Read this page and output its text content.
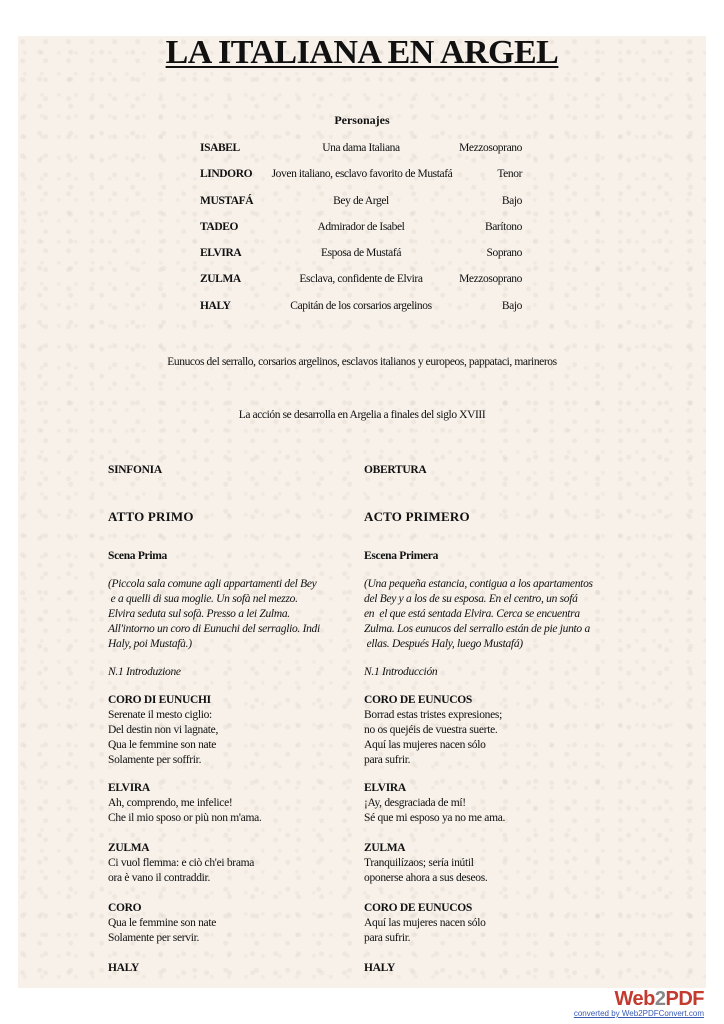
LA ITALIANA EN ARGEL
Personajes
ISABEL	Una dama Italiana	Mezzosoprano
LINDORO	Joven italiano, esclavo favorito de Mustafá	Tenor
MUSTAFÁ	Bey de Argel	Bajo
TADEO	Admirador de Isabel	Barítono
ELVIRA	Esposa de Mustafá	Soprano
ZULMA	Esclava, confidente de Elvira	Mezzosoprano
HALY	Capitán de los corsarios argelinos	Bajo
Eunucos del serrallo, corsarios argelinos, esclavos italianos y europeos, pappataci, marineros
La acción se desarrolla en Argelia a finales del siglo XVIII
SINFONIA
ATTO PRIMO
Scena Prima
(Piccola sala comune agli appartamenti del Bey
e a quelli di sua moglie. Un sofà nel mezzo.
Elvira seduta sul sofà. Presso a lei Zulma.
All'intorno un coro di Eunuchi del serraglio. Indi
Haly, poi Mustafà.)
N.1 Introduzione
CORO DI EUNUCHI
Serenate il mesto ciglio:
Del destin non vi lagnate,
Qua le femmine son nate
Solamente per soffrir.
ELVIRA
Ah, comprendo, me infelice!
Che il mio sposo or più non m'ama.
ZULMA
Ci vuol flemma: e ciò ch'ei brama
ora è vano il contraddir.
CORO
Qua le femmine son nate
Solamente per servir.
HALY
OBERTURA
ACTO PRIMERO
Escena Primera
(Una pequeña estancia, contigua a los apartamentos
del Bey y a los de su esposa. En el centro, un sofá
en  el que está sentada Elvira. Cerca se encuentra
Zulma. Los eunucos del serrallo están de pie junto a
ellas. Después Haly, luego Mustafá)
N.1 Introducción
CORO DE EUNUCOS
Borrad estas tristes expresiones;
no os quejéis de vuestra suerte.
Aquí las mujeres nacen sólo
para sufrir.
ELVIRA
¡Ay, desgraciada de mí!
Sé que mi esposo ya no me ama.
ZULMA
Tranquilízaos; sería inútil
oponerse ahora a sus deseos.
CORO DE EUNUCOS
Aquí las mujeres nacen sólo
para sufrir.
HALY
Web2PDF
converted by Web2PDFConvert.com
